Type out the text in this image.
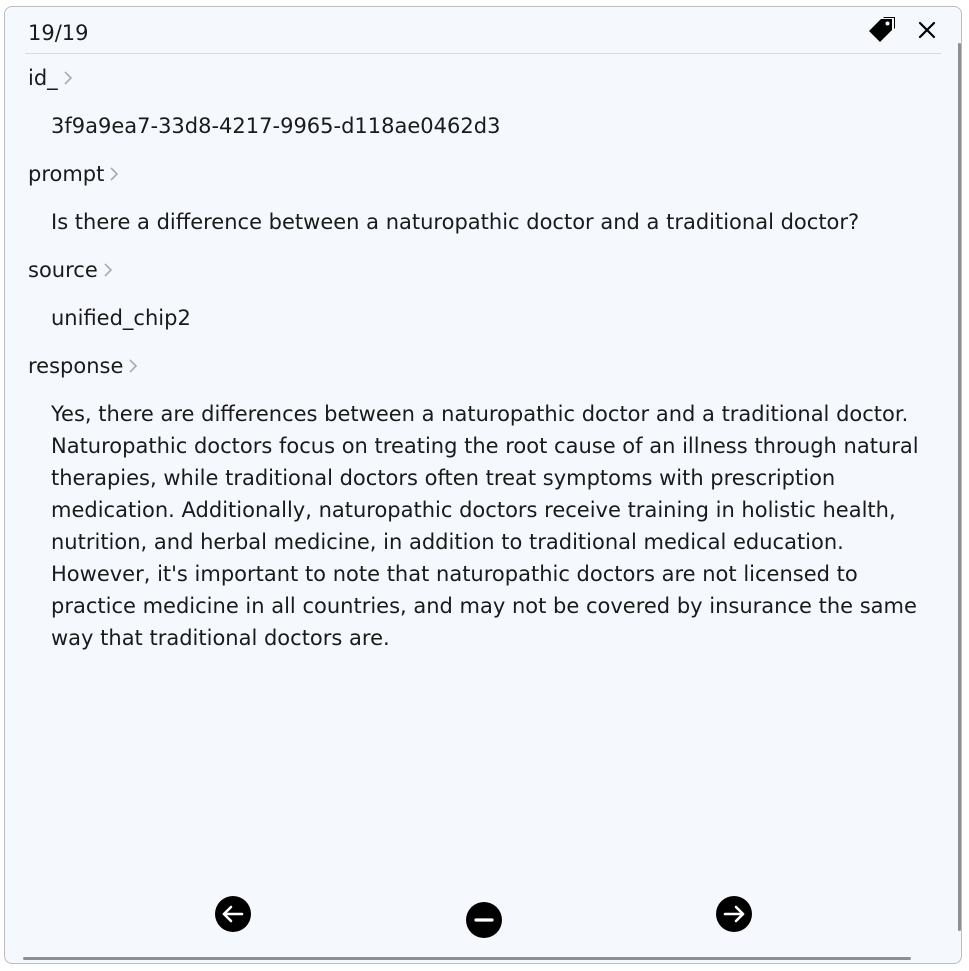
19/19
id_
3f9a9ea7-33d8-4217-9965-d118ae0462d3
prompt
Is there a difference between a naturopathic doctor and a traditional doctor?
source
unified_chip2
response
Yes, there are differences between a naturopathic doctor and a traditional doctor. Naturopathic doctors focus on treating the root cause of an illness through natural therapies, while traditional doctors often treat symptoms with prescription medication. Additionally, naturopathic doctors receive training in holistic health, nutrition, and herbal medicine, in addition to traditional medical education. However, it's important to note that naturopathic doctors are not licensed to practice medicine in all countries, and may not be covered by insurance the same way that traditional doctors are.
